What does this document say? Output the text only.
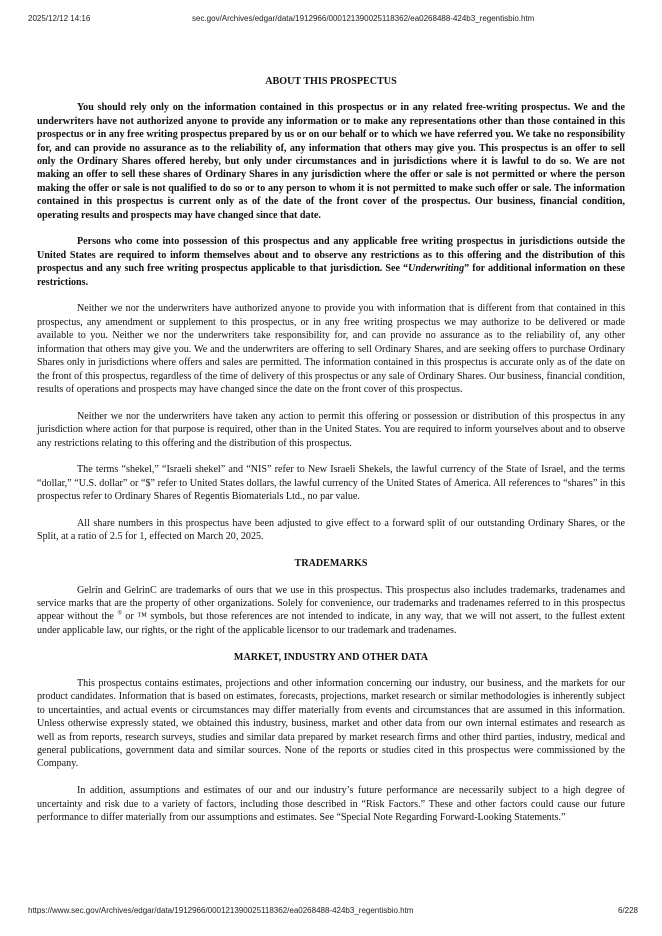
2025/12/12 14:16	sec.gov/Archives/edgar/data/1912966/000121390025118362/ea0268488-424b3_regentisbio.htm
ABOUT THIS PROSPECTUS

You should rely only on the information contained in this prospectus or in any related free-writing prospectus. We and the underwriters have not authorized anyone to provide any information or to make any representations other than those contained in this prospectus or in any free writing prospectus prepared by us or on our behalf or to which we have referred you. We take no responsibility for, and can provide no assurance as to the reliability of, any information that others may give you. This prospectus is an offer to sell only the Ordinary Shares offered hereby, but only under circumstances and in jurisdictions where it is lawful to do so. We are not making an offer to sell these shares of Ordinary Shares in any jurisdiction where the offer or sale is not permitted or where the person making the offer or sale is not qualified to do so or to any person to whom it is not permitted to make such offer or sale. The information contained in this prospectus is current only as of the date of the front cover of the prospectus. Our business, financial condition, operating results and prospects may have changed since that date.

Persons who come into possession of this prospectus and any applicable free writing prospectus in jurisdictions outside the United States are required to inform themselves about and to observe any restrictions as to this offering and the distribution of this prospectus and any such free writing prospectus applicable to that jurisdiction. See “Underwriting” for additional information on these restrictions.

Neither we nor the underwriters have authorized anyone to provide you with information that is different from that contained in this prospectus, any amendment or supplement to this prospectus, or in any free writing prospectus we may authorize to be delivered or made available to you. Neither we nor the underwriters take responsibility for, and can provide no assurance as to the reliability of, any other information that others may give you. We and the underwriters are offering to sell Ordinary Shares, and are seeking offers to purchase Ordinary Shares only in jurisdictions where offers and sales are permitted. The information contained in this prospectus is accurate only as of the date on the front of this prospectus, regardless of the time of delivery of this prospectus or any sale of Ordinary Shares. Our business, financial condition, results of operations and prospects may have changed since the date on the front cover of this prospectus.

Neither we nor the underwriters have taken any action to permit this offering or possession or distribution of this prospectus in any jurisdiction where action for that purpose is required, other than in the United States. You are required to inform yourselves about and to observe any restrictions relating to this offering and the distribution of this prospectus.

The terms “shekel,” “Israeli shekel” and “NIS” refer to New Israeli Shekels, the lawful currency of the State of Israel, and the terms “dollar,” “U.S. dollar” or “$” refer to United States dollars, the lawful currency of the United States of America. All references to “shares” in this prospectus refer to Ordinary Shares of Regentis Biomaterials Ltd., no par value.

All share numbers in this prospectus have been adjusted to give effect to a forward split of our outstanding Ordinary Shares, or the Split, at a ratio of 2.5 for 1, effected on March 20, 2025.

TRADEMARKS

Gelrin and GelrinC are trademarks of ours that we use in this prospectus. This prospectus also includes trademarks, tradenames and service marks that are the property of other organizations. Solely for convenience, our trademarks and tradenames referred to in this prospectus appear without the ® or ™ symbols, but those references are not intended to indicate, in any way, that we will not assert, to the fullest extent under applicable law, our rights, or the right of the applicable licensor to our trademark and tradenames.

MARKET, INDUSTRY AND OTHER DATA

This prospectus contains estimates, projections and other information concerning our industry, our business, and the markets for our product candidates. Information that is based on estimates, forecasts, projections, market research or similar methodologies is inherently subject to uncertainties, and actual events or circumstances may differ materially from events and circumstances that are assumed in this information. Unless otherwise expressly stated, we obtained this industry, business, market and other data from our own internal estimates and research as well as from reports, research surveys, studies and similar data prepared by market research firms and other third parties, industry, medical and general publications, government data and similar sources. None of the reports or studies cited in this prospectus were commissioned by the Company.

In addition, assumptions and estimates of our and our industry’s future performance are necessarily subject to a high degree of uncertainty and risk due to a variety of factors, including those described in “Risk Factors.” These and other factors could cause our future performance to differ materially from our assumptions and estimates. See “Special Note Regarding Forward-Looking Statements.”

https://www.sec.gov/Archives/edgar/data/1912966/000121390025118362/ea0268488-424b3_regentisbio.htm	6/228
